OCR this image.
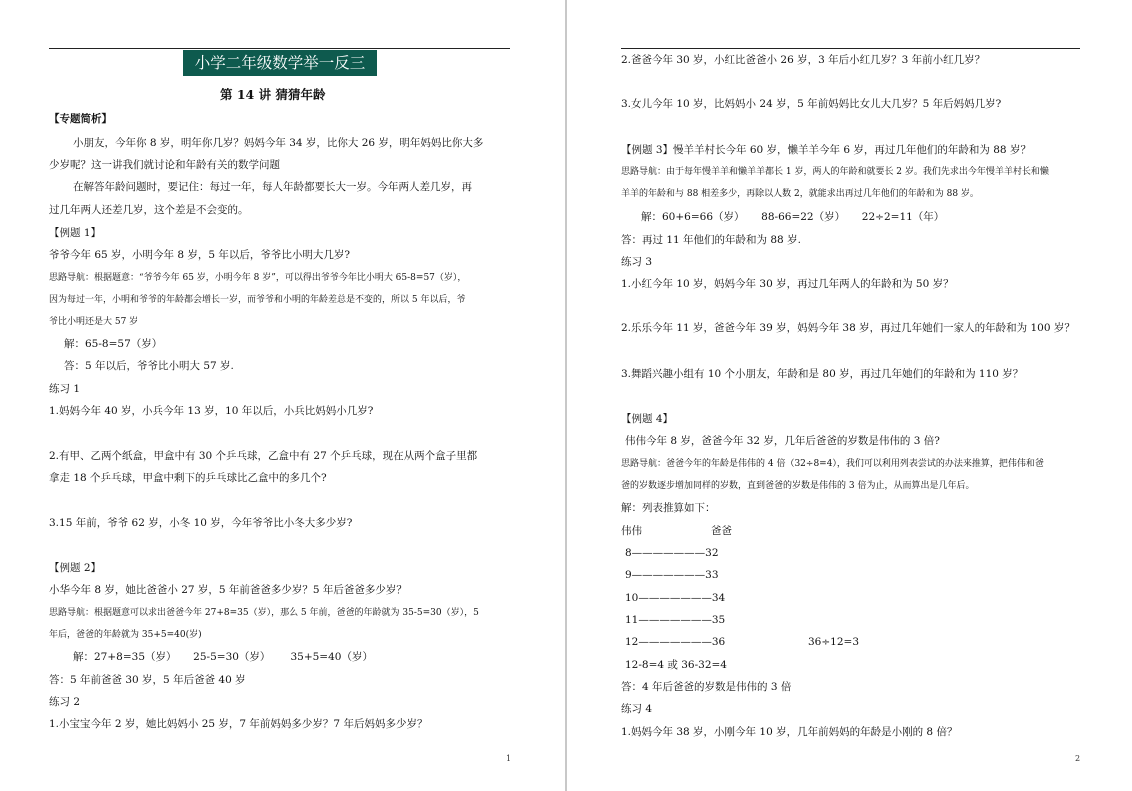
小学二年级数学举一反三
第 14 讲 猜猜年龄
【专题简析】
小朋友，今年你 8 岁，明年你几岁？妈妈今年 34 岁，比你大 26 岁，明年妈妈比你大多
少岁呢？这一讲我们就讨论和年龄有关的数学问题
在解答年龄问题时，要记住：每过一年，每人年龄都要长大一岁。今年两人差几岁，再
过几年两人还差几岁，这个差是不会变的。
【例题 1】
爷爷今年 65 岁，小明今年 8 岁，5 年以后，爷爷比小明大几岁?
思路导航：根据题意：“爷爷今年 65 岁，小明今年 8 岁”，可以得出爷爷今年比小明大 65-8=57（岁），
因为每过一年，小明和爷爷的年龄都会增长一岁，而爷爷和小明的年龄差总是不变的，所以 5 年以后，爷
爷比小明还是大 57 岁
解：65-8=57（岁）
答：5 年以后，爷爷比小明大 57 岁.
练习 1
1.妈妈今年 40 岁，小兵今年 13 岁，10 年以后，小兵比妈妈小几岁?
2.有甲、乙两个纸盒，甲盒中有 30 个乒乓球，乙盒中有 27 个乒乓球，现在从两个盒子里都
拿走 18 个乒乓球，甲盒中剩下的乒乓球比乙盒中的多几个?
3.15 年前，爷爷 62 岁，小冬 10 岁，今年爷爷比小冬大多少岁?
【例题 2】
小华今年 8 岁，她比爸爸小 27 岁，5 年前爸爸多少岁？5 年后爸爸多少岁？
思路导航：根据题意可以求出爸爸今年 27+8=35（岁），那么 5 年前，爸爸的年龄就为 35-5=30（岁），5
年后，爸爸的年龄就为 35+5=40(岁)
解：27+8=35（岁）     25-5=30（岁）      35+5=40（岁）
答：5 年前爸爸 30 岁，5 年后爸爸 40 岁
练习 2
1.小宝宝今年 2 岁，她比妈妈小 25 岁，7 年前妈妈多少岁？7 年后妈妈多少岁？
1
2.爸爸今年 30 岁，小红比爸爸小 26 岁，3 年后小红几岁？3 年前小红几岁？
3.女儿今年 10 岁，比妈妈小 24 岁，5 年前妈妈比女儿大几岁？5 年后妈妈几岁?
【例题 3】慢羊羊村长今年 60 岁，懒羊羊今年 6 岁，再过几年他们的年龄和为 88 岁？
思路导航：由于每年慢羊羊和懒羊羊都长 1 岁，两人的年龄和就要长 2 岁。我们先求出今年慢羊羊村长和懒
羊羊的年龄和与 88 相差多少，再除以人数 2，就能求出再过几年他们的年龄和为 88 岁。
解：60+6=66（岁）     88-66=22（岁）     22÷2=11（年）
答：再过 11 年他们的年龄和为 88 岁.
练习 3
1.小红今年 10 岁，妈妈今年 30 岁，再过几年两人的年龄和为 50 岁？
2.乐乐今年 11 岁，爸爸今年 39 岁，妈妈今年 38 岁，再过几年她们一家人的年龄和为 100 岁？
3.舞蹈兴趣小组有 10 个小朋友，年龄和是 80 岁，再过几年她们的年龄和为 110 岁？
【例题 4】
伟伟今年 8 岁，爸爸今年 32 岁，几年后爸爸的岁数是伟伟的 3 倍?
思路导航：爸爸今年的年龄是伟伟的 4 倍（32÷8=4），我们可以利用列表尝试的办法来推算，把伟伟和爸
爸的岁数逐步增加同样的岁数，直到爸爸的岁数是伟伟的 3 倍为止，从而算出是几年后。
解：列表推算如下：
伟伟	爸爸
8———————32
9———————33
10———————34
11———————35
12———————36	36÷12=3
12-8=4 或 36-32=4
答：4 年后爸爸的岁数是伟伟的 3 倍
练习 4
1.妈妈今年 38 岁，小刚今年 10 岁，几年前妈妈的年龄是小刚的 8 倍？
2
